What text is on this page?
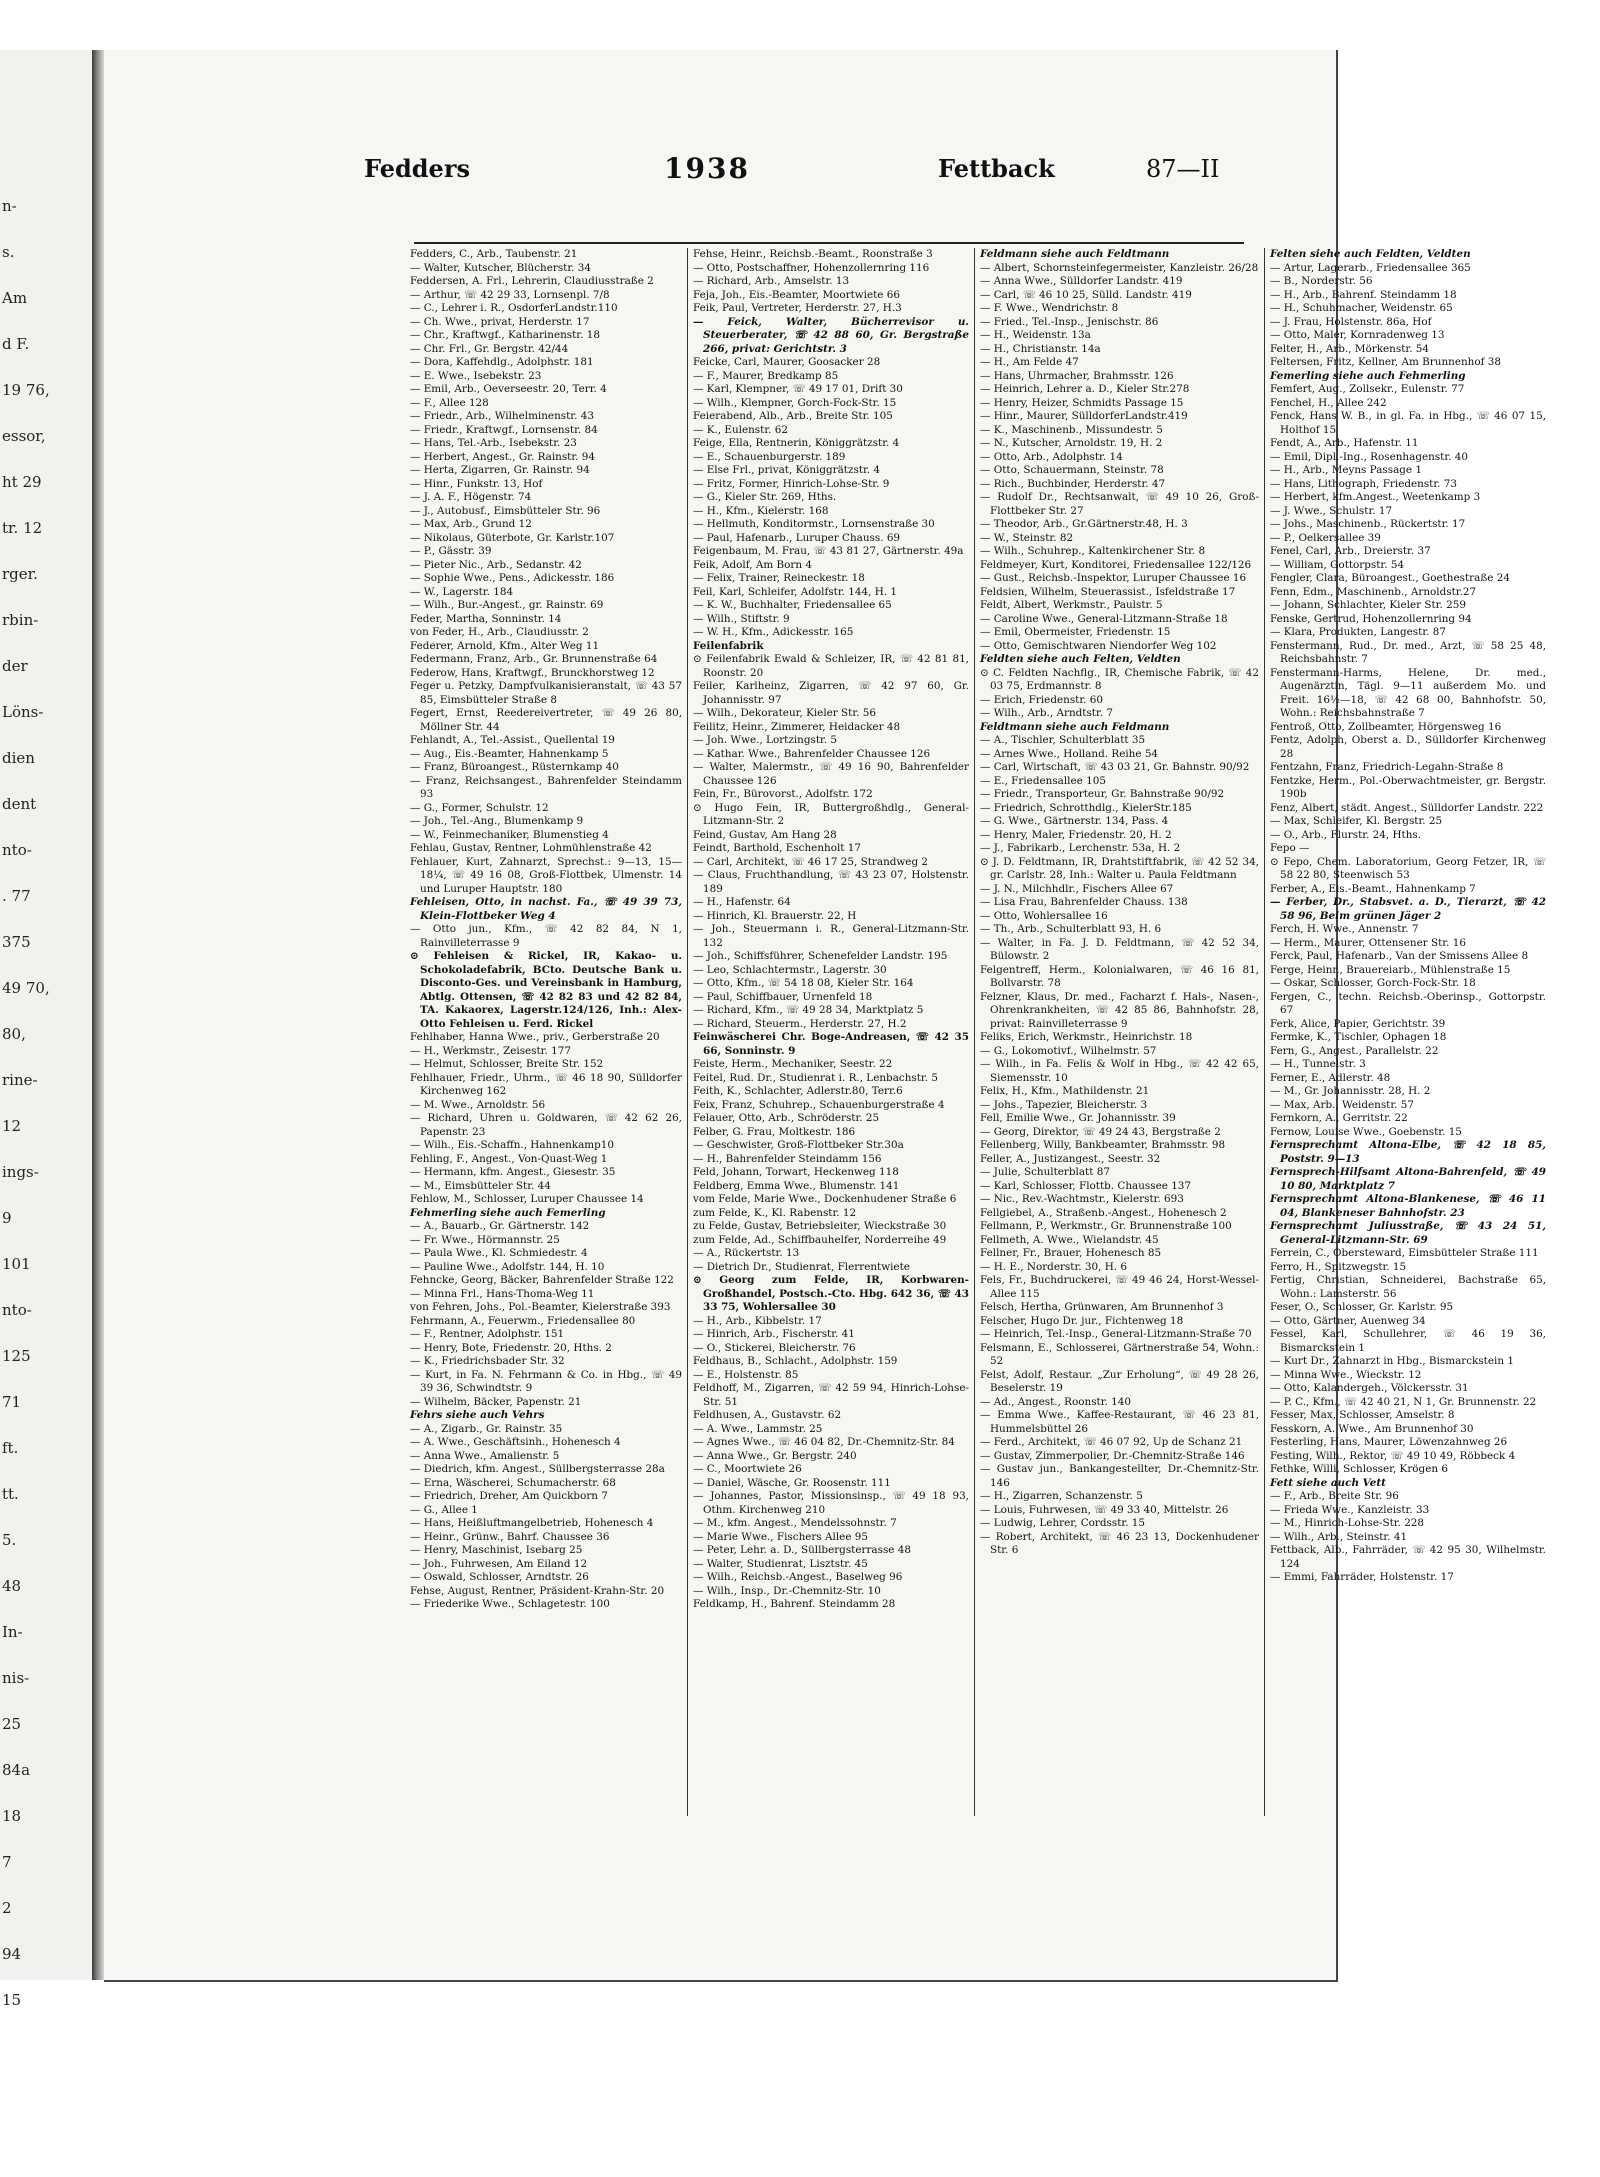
n-
s.
Am
d F.
19 76,
essor,
ht 29
tr. 12
rger.
rbin-
der
Löns-
dien
dent
nto-
. 77
375
49 70,
80,
rine-
12
ings-
9
101
nto-
125
71
ft.
tt.
5.
48
In-
nis-
25
84a
18
7
2
94
15
Fedders	1938	Fettback	87—II
Fedders, C., Arb., Taubenstr. 21
— Walter, Kutscher, Blücherstr. 34
Feddersen, A. Frl., Lehrerin, Claudiusstraße 2
— Arthur, ☏ 42 29 33, Lornsenpl. 7/8
— C., Lehrer i. R., OsdorferLandstr.110
— Ch. Wwe., privat, Herderstr. 17
— Chr., Kraftwgf., Katharinenstr. 18
— Chr. Frl., Gr. Bergstr. 42/44
— Dora, Kaffehdlg., Adolphstr. 181
— E. Wwe., Isebekstr. 23
— Emil, Arb., Oeverseestr. 20, Terr. 4
— F., Allee 128
— Friedr., Arb., Wilhelminenstr. 43
— Friedr., Kraftwgf., Lornsenstr. 84
— Hans, Tel.-Arb., Isebekstr. 23
— Herbert, Angest., Gr. Rainstr. 94
— Herta, Zigarren, Gr. Rainstr. 94
— Hinr., Funkstr. 13, Hof
— J. A. F., Högenstr. 74
— J., Autobusf., Eimsbütteler Str. 96
— Max, Arb., Grund 12
— Nikolaus, Güterbote, Gr. Karlstr.107
— P., Gässtr. 39
— Pieter Nic., Arb., Sedanstr. 42
— Sophie Wwe., Pens., Adickesstr. 186
— W., Lagerstr. 184
— Wilh., Bur.-Angest., gr. Rainstr. 69
Feder, Martha, Sonninstr. 14
von Feder, H., Arb., Claudiusstr. 2
Federer, Arnold, Kfm., Alter Weg 11
Federmann, Franz, Arb., Gr. Brunnenstraße 64
Federow, Hans, Kraftwgf., Brunckhorstweg 12
Feger u. Petzky, Dampfvulkanisieranstalt, ☏ 43 57 85, Eimsbütteler Straße 8
Fegert, Ernst, Reedereivertreter, ☏ 49 26 80, Möllner Str. 44
Fehlandt, A., Tel.-Assist., Quellental 19
— Aug., Eis.-Beamter, Hahnenkamp 5
— Franz, Büroangest., Rüsternkamp 40
— Franz, Reichsangest., Bahrenfelder Steindamm 93
— G., Former, Schulstr. 12
— Joh., Tel.-Ang., Blumenkamp 9
— W., Feinmechaniker, Blumenstieg 4
Fehlau, Gustav, Rentner, Lohmühlenstraße 42
Fehlauer, Kurt, Zahnarzt, Sprechst.: 9—13, 15—18¼, ☏ 49 16 08, Groß-Flottbek, Ulmenstr. 14 und Luruper Hauptstr. 180
Fehleisen, Otto, in nachst. Fa., ☏ 49 39 73, Klein-Flottbeker Weg 4
— Otto jun., Kfm., ☏ 42 82 84, N 1, Rainvilleterrasse 9
⊙ Fehleisen & Rickel, IR, Kakao- u. Schokoladefabrik, BCto. Deutsche Bank u. Disconto-Ges. und Vereinsbank in Hamburg, Abtlg. Ottensen, ☏ 42 82 83 und 42 82 84, TA. Kakaorex, Lagerstr.124/126, Inh.: Alex-Otto Fehleisen u. Ferd. Rickel
Fehlhaber, Hanna Wwe., priv., Gerberstraße 20
— H., Werkmstr., Zeisestr. 177
— Helmut, Schlosser, Breite Str. 152
Fehlhauer, Friedr., Uhrm., ☏ 46 18 90, Sülldorfer Kirchenweg 162
— M. Wwe., Arnoldstr. 56
— Richard, Uhren u. Goldwaren, ☏ 42 62 26, Papenstr. 23
— Wilh., Eis.-Schaffn., Hahnenkamp10
Fehling, F., Angest., Von-Quast-Weg 1
— Hermann, kfm. Angest., Giesestr. 35
— M., Eimsbütteler Str. 44
Fehlow, M., Schlosser, Luruper Chaussee 14
Fehmerling siehe auch Femerling
— A., Bauarb., Gr. Gärtnerstr. 142
— Fr. Wwe., Hörmannstr. 25
— Paula Wwe., Kl. Schmiedestr. 4
— Pauline Wwe., Adolfstr. 144, H. 10
Fehncke, Georg, Bäcker, Bahrenfelder Straße 122
— Minna Frl., Hans-Thoma-Weg 11
von Fehren, Johs., Pol.-Beamter, Kielerstraße 393
Fehrmann, A., Feuerwm., Friedensallee 80
— F., Rentner, Adolphstr. 151
— Henry, Bote, Friedenstr. 20, Hths. 2
— K., Friedrichsbader Str. 32
— Kurt, in Fa. N. Fehrmann & Co. in Hbg., ☏ 49 39 36, Schwindtstr. 9
— Wilhelm, Bäcker, Papenstr. 21
Fehrs siehe auch Vehrs
— A., Zigarb., Gr. Rainstr. 35
— A. Wwe., Geschäftsinh., Hohenesch 4
— Anna Wwe., Amalienstr. 5
— Diedrich, kfm. Angest., Süllbergsterrasse 28a
— Erna, Wäscherei, Schumacherstr. 68
— Friedrich, Dreher, Am Quickborn 7
— G., Allee 1
— Hans, Heißluftmangelbetrieb, Hohenesch 4
— Heinr., Grünw., Bahrf. Chaussee 36
— Henry, Maschinist, Isebarg 25
— Joh., Fuhrwesen, Am Eiland 12
— Oswald, Schlosser, Arndtstr. 26
Fehse, August, Rentner, Präsident-Krahn-Str. 20
— Friederike Wwe., Schlagetestr. 100
Fehse, Heinr., Reichsb.-Beamt., Roonstraße 3
— Otto, Postschaffner, Hohenzollernring 116
— Richard, Arb., Amselstr. 13
Feja, Joh., Eis.-Beamter, Moortwiete 66
Feik, Paul, Vertreter, Herderstr. 27, H.3
— Feick, Walter, Bücherrevisor u. Steuerberater, ☏ 42 88 60, Gr. Bergstraße 266, privat: Gerichtstr. 3
Feicke, Carl, Maurer, Goosacker 28
— F., Maurer, Bredkamp 85
— Karl, Klempner, ☏ 49 17 01, Drift 30
— Wilh., Klempner, Gorch-Fock-Str. 15
Feierabend, Alb., Arb., Breite Str. 105
— K., Eulenstr. 62
Feige, Ella, Rentnerin, Königgrätzstr. 4
— E., Schauenburgerstr. 189
— Else Frl., privat, Königgrätzstr. 4
— Fritz, Former, Hinrich-Lohse-Str. 9
— G., Kieler Str. 269, Hths.
— H., Kfm., Kielerstr. 168
— Hellmuth, Konditormstr., Lornsenstraße 30
— Paul, Hafenarb., Luruper Chauss. 69
Feigenbaum, M. Frau, ☏ 43 81 27, Gärtnerstr. 49a
Feik, Adolf, Am Born 4
— Felix, Trainer, Reineckestr. 18
Feil, Karl, Schleifer, Adolfstr. 144, H. 1
— K. W., Buchhalter, Friedensallee 65
— Wilh., Stiftstr. 9
— W. H., Kfm., Adickesstr. 165
Feilenfabrik
⊙ Feilenfabrik Ewald & Schleizer, IR, ☏ 42 81 81, Roonstr. 20
Feiler, Karlheinz, Zigarren, ☏ 42 97 60, Gr. Johannisstr. 97
— Wilh., Dekorateur, Kieler Str. 56
Feilitz, Heinr., Zimmerer, Heidacker 48
— Joh. Wwe., Lortzingstr. 5
— Kathar. Wwe., Bahrenfelder Chaussee 126
— Walter, Malermstr., ☏ 49 16 90, Bahrenfelder Chaussee 126
Fein, Fr., Bürovorst., Adolfstr. 172
⊙ Hugo Fein, IR, Buttergroßhdlg., General-Litzmann-Str. 2
Feind, Gustav, Am Hang 28
Feindt, Barthold, Eschenholt 17
— Carl, Architekt, ☏ 46 17 25, Strandweg 2
— Claus, Fruchthandlung, ☏ 43 23 07, Holstenstr. 189
— H., Hafenstr. 64
— Hinrich, Kl. Brauerstr. 22, H
— Joh., Steuermann i. R., General-Litzmann-Str. 132
— Joh., Schiffsführer, Schenefelder Landstr. 195
— Leo, Schlachtermstr., Lagerstr. 30
— Otto, Kfm., ☏ 54 18 08, Kieler Str. 164
— Paul, Schiffbauer, Urnenfeld 18
— Richard, Kfm., ☏ 49 28 34, Marktplatz 5
— Richard, Steuerm., Herderstr. 27, H.2
Feinwäscherei Chr. Boge-Andreasen, ☏ 42 35 66, Sonninstr. 9
Feiste, Herm., Mechaniker, Seestr. 22
Feitel, Rud. Dr., Studienrat i. R., Lenbachstr. 5
Feith, K., Schlachter, Adlerstr.80, Terr.6
Feix, Franz, Schuhrep., Schauenburgerstraße 4
Felauer, Otto, Arb., Schröderstr. 25
Felber, G. Frau, Moltkestr. 186
— Geschwister, Groß-Flottbeker Str.30a
— H., Bahrenfelder Steindamm 156
Feld, Johann, Torwart, Heckenweg 118
Feldberg, Emma Wwe., Blumenstr. 141
vom Felde, Marie Wwe., Dockenhudener Straße 6
zum Felde, K., Kl. Rabenstr. 12
zu Felde, Gustav, Betriebsleiter, Wieckstraße 30
zum Felde, Ad., Schiffbauhelfer, Norderreihe 49
— A., Rückertstr. 13
— Dietrich Dr., Studienrat, Flerrentwiete
⊙ Georg zum Felde, IR, Korbwaren-Großhandel, Postsch.-Cto. Hbg. 642 36, ☏ 43 33 75, Wohlersallee 30
— H., Arb., Kibbelstr. 17
— Hinrich, Arb., Fischerstr. 41
— O., Stickerei, Bleicherstr. 76
Feldhaus, B., Schlacht., Adolphstr. 159
— E., Holstenstr. 85
Feldhoff, M., Zigarren, ☏ 42 59 94, Hinrich-Lohse-Str. 51
Feldhusen, A., Gustavstr. 62
— A. Wwe., Lammstr. 25
— Agnes Wwe., ☏ 46 04 82, Dr.-Chemnitz-Str. 84
— Anna Wwe., Gr. Bergstr. 240
— C., Moortwiete 26
— Daniel, Wäsche, Gr. Roosenstr. 111
— Johannes, Pastor, Missionsinsp., ☏ 49 18 93, Othm. Kirchenweg 210
— M., kfm. Angest., Mendelssohnstr. 7
— Marie Wwe., Fischers Allee 95
— Peter, Lehr. a. D., Süllbergsterrasse 48
— Walter, Studienrat, Lisztstr. 45
— Wilh., Reichsb.-Angest., Baselweg 96
— Wilh., Insp., Dr.-Chemnitz-Str. 10
Feldkamp, H., Bahrenf. Steindamm 28
Feldmann siehe auch Feldtmann
— Albert, Schornsteinfegermeister, Kanzleistr. 26/28
— Anna Wwe., Sülldorfer Landstr. 419
— Carl, ☏ 46 10 25, Sülld. Landstr. 419
— F. Wwe., Wendrichstr. 8
— Fried., Tel.-Insp., Jenischstr. 86
— H., Weidenstr. 13a
— H., Christianstr. 14a
— H., Am Felde 47
— Hans, Uhrmacher, Brahmsstr. 126
— Heinrich, Lehrer a. D., Kieler Str.278
— Henry, Heizer, Schmidts Passage 15
— Hinr., Maurer, SülldorferLandstr.419
— K., Maschinenb., Missundestr. 5
— N., Kutscher, Arnoldstr. 19, H. 2
— Otto, Arb., Adolphstr. 14
— Otto, Schauermann, Steinstr. 78
— Rich., Buchbinder, Herderstr. 47
— Rudolf Dr., Rechtsanwalt, ☏ 49 10 26, Groß-Flottbeker Str. 27
— Theodor, Arb., Gr.Gärtnerstr.48, H. 3
— W., Steinstr. 82
— Wilh., Schuhrep., Kaltenkirchener Str. 8
Feldmeyer, Kurt, Konditorei, Friedensallee 122/126
— Gust., Reichsb.-Inspektor, Luruper Chaussee 16
Feldsien, Wilhelm, Steuerassist., Isfeldstraße 17
Feldt, Albert, Werkmstr., Paulstr. 5
— Caroline Wwe., General-Litzmann-Straße 18
— Emil, Obermeister, Friedenstr. 15
— Otto, Gemischtwaren Niendorfer Weg 102
Feldten siehe auch Felten, Veldten
⊙ C. Feldten Nachflg., IR, Chemische Fabrik, ☏ 42 03 75, Erdmannstr. 8
— Erich, Friedenstr. 60
— Wilh., Arb., Arndtstr. 7
Feldtmann siehe auch Feldmann
— A., Tischler, Schulterblatt 35
— Arnes Wwe., Holland. Reihe 54
— Carl, Wirtschaft, ☏ 43 03 21, Gr. Bahnstr. 90/92
— E., Friedensallee 105
— Friedr., Transporteur, Gr. Bahnstraße 90/92
— Friedrich, Schrotthdlg., KielerStr.185
— G. Wwe., Gärtnerstr. 134, Pass. 4
— Henry, Maler, Friedenstr. 20, H. 2
— J., Fabrikarb., Lerchenstr. 53a, H. 2
⊙ J. D. Feldtmann, IR, Drahtstiftfabrik, ☏ 42 52 34, gr. Carlstr. 28, Inh.: Walter u. Paula Feldtmann
— J. N., Milchhdlr., Fischers Allee 67
— Lisa Frau, Bahrenfelder Chauss. 138
— Otto, Wohlersallee 16
— Th., Arb., Schulterblatt 93, H. 6
— Walter, in Fa. J. D. Feldtmann, ☏ 42 52 34, Bülowstr. 2
Felgentreff, Herm., Kolonialwaren, ☏ 46 16 81, Bollvarstr. 78
Felzner, Klaus, Dr. med., Facharzt f. Hals-, Nasen-, Ohrenkrankheiten, ☏ 42 85 86, Bahnhofstr. 28, privat: Rainvilleterrasse 9
Feliks, Erich, Werkmstr., Heinrichstr. 18
— G., Lokomotivf., Wilhelmstr. 57
— Wilh., in Fa. Felis & Wolf in Hbg., ☏ 42 42 65, Siemensstr. 10
Felix, H., Kfm., Mathildenstr. 21
— Johs., Tapezier, Bleicherstr. 3
Fell, Emilie Wwe., Gr. Johannisstr. 39
— Georg, Direktor, ☏ 49 24 43, Bergstraße 2
Fellenberg, Willy, Bankbeamter, Brahmsstr. 98
Feller, A., Justizangest., Seestr. 32
— Julie, Schulterblatt 87
— Karl, Schlosser, Flottb. Chaussee 137
— Nic., Rev.-Wachtmstr., Kielerstr. 693
Fellgiebel, A., Straßenb.-Angest., Hohenesch 2
Fellmann, P., Werkmstr., Gr. Brunnenstraße 100
Fellmeth, A. Wwe., Wielandstr. 45
Fellner, Fr., Brauer, Hohenesch 85
— H. E., Norderstr. 30, H. 6
Fels, Fr., Buchdruckerei, ☏ 49 46 24, Horst-Wessel-Allee 115
Felsch, Hertha, Grünwaren, Am Brunnenhof 3
Felscher, Hugo Dr. jur., Fichtenweg 18
— Heinrich, Tel.-Insp., General-Litzmann-Straße 70
Felsmann, E., Schlosserei, Gärtnerstraße 54, Wohn.: 52
Felst, Adolf, Restaur. „Zur Erholung“, ☏ 49 28 26, Beselerstr. 19
— Ad., Angest., Roonstr. 140
— Emma Wwe., Kaffee-Restaurant, ☏ 46 23 81, Hummelsbüttel 26
— Ferd., Architekt, ☏ 46 07 92, Up de Schanz 21
— Gustav, Zimmerpolier, Dr.-Chemnitz-Straße 146
— Gustav jun., Bankangestellter, Dr.-Chemnitz-Str. 146
— H., Zigarren, Schanzenstr. 5
— Louis, Fuhrwesen, ☏ 49 33 40, Mittelstr. 26
— Ludwig, Lehrer, Cordsstr. 15
— Robert, Architekt, ☏ 46 23 13, Dockenhudener Str. 6
Felten siehe auch Feldten, Veldten
— Artur, Lagerarb., Friedensallee 365
— B., Norderstr. 56
— H., Arb., Bahrenf. Steindamm 18
— H., Schuhmacher, Weidenstr. 65
— J. Frau, Holstenstr. 86a, Hof
— Otto, Maler, Kornradenweg 13
Felter, H., Arb., Mörkenstr. 54
Feltersen, Fritz, Kellner, Am Brunnenhof 38
Femerling siehe auch Fehmerling
Femfert, Aug., Zollsekr., Eulenstr. 77
Fenchel, H., Allee 242
Fenck, Hans W. B., in gl. Fa. in Hbg., ☏ 46 07 15, Holthof 15
Fendt, A., Arb., Hafenstr. 11
— Emil, Dipl.-Ing., Rosenhagenstr. 40
— H., Arb., Meyns Passage 1
— Hans, Lithograph, Friedenstr. 73
— Herbert, kfm.Angest., Weetenkamp 3
— J. Wwe., Schulstr. 17
— Johs., Maschinenb., Rückertstr. 17
— P., Oelkersallee 39
Fenel, Carl, Arb., Dreierstr. 37
— William, Gottorpstr. 54
Fengler, Clara, Büroangest., Goethestraße 24
Fenn, Edm., Maschinenb., Arnoldstr.27
— Johann, Schlachter, Kieler Str. 259
Fenske, Gertrud, Hohenzollernring 94
— Klara, Produkten, Langestr. 87
Fenstermann, Rud., Dr. med., Arzt, ☏ 58 25 48, Reichsbahnstr. 7
Fenstermann-Harms, Helene, Dr. med., Augenärztin, Tägl. 9—11 außerdem Mo. und Freit. 16½—18, ☏ 42 68 00, Bahnhofstr. 50, Wohn.: Reichsbahnstraße 7
Fentroß, Otto, Zollbeamter, Hörgensweg 16
Fentz, Adolph, Oberst a. D., Sülldorfer Kirchenweg 28
Fentzahn, Franz, Friedrich-Legahn-Straße 8
Fentzke, Herm., Pol.-Oberwachtmeister, gr. Bergstr. 190b
Fenz, Albert, städt. Angest., Sülldorfer Landstr. 222
— Max, Schleifer, Kl. Bergstr. 25
— O., Arb., Flurstr. 24, Hths.
Fepo —
⊙ Fepo, Chem. Laboratorium, Georg Fetzer, IR, ☏ 58 22 80, Steenwisch 53
Ferber, A., Eis.-Beamt., Hahnenkamp 7
— Ferber, Dr., Stabsvet. a. D., Tierarzt, ☏ 42 58 96, Beim grünen Jäger 2
Ferch, H. Wwe., Annenstr. 7
— Herm., Maurer, Ottensener Str. 16
Ferck, Paul, Hafenarb., Van der Smissens Allee 8
Ferge, Heinr., Brauereiarb., Mühlenstraße 15
— Oskar, Schlosser, Gorch-Fock-Str. 18
Fergen, C., techn. Reichsb.-Oberinsp., Gottorpstr. 67
Ferk, Alice, Papier, Gerichtstr. 39
Fermke, K., Tischler, Ophagen 18
Fern, G., Angest., Parallelstr. 22
— H., Tunnelstr. 3
Ferner, E., Adlerstr. 48
— M., Gr. Johannisstr. 28, H. 2
— Max, Arb., Weidenstr. 57
Fernkorn, A., Gerritstr. 22
Fernow, Louise Wwe., Goebenstr. 15
Fernsprechamt Altona-Elbe, ☏ 42 18 85, Poststr. 9—13
Fernsprech-Hilfsamt Altona-Bahrenfeld, ☏ 49 10 80, Marktplatz 7
Fernsprechamt Altona-Blankenese, ☏ 46 11 04, Blankeneser Bahnhofstr. 23
Fernsprechamt Juliusstraße, ☏ 43 24 51, General-Litzmann-Str. 69
Ferrein, C., Obersteward, Eimsbütteler Straße 111
Ferro, H., Spitzwegstr. 15
Fertig, Christian, Schneiderei, Bachstraße 65, Wohn.: Lamsterstr. 56
Feser, O., Schlosser, Gr. Karlstr. 95
— Otto, Gärtner, Auenweg 34
Fessel, Karl, Schullehrer, ☏ 46 19 36, Bismarckstein 1
— Kurt Dr., Zahnarzt in Hbg., Bismarckstein 1
— Minna Wwe., Wieckstr. 12
— Otto, Kalandergeh., Völckersstr. 31
— P. C., Kfm., ☏ 42 40 21, N 1, Gr. Brunnenstr. 22
Fesser, Max, Schlosser, Amselstr. 8
Fesskorn, A. Wwe., Am Brunnenhof 30
Festerling, Hans, Maurer, Löwenzahnweg 26
Festing, Wilh., Rektor, ☏ 49 10 49, Röbbeck 4
Fethke, Willi, Schlosser, Krögen 6
Fett siehe auch Vett
— F., Arb., Breite Str. 96
— Frieda Wwe., Kanzleistr. 33
— M., Hinrich-Lohse-Str. 228
— Wilh., Arb., Steinstr. 41
Fettback, Alb., Fahrräder, ☏ 42 95 30, Wilhelmstr. 124
— Emmi, Fahrräder, Holstenstr. 17
